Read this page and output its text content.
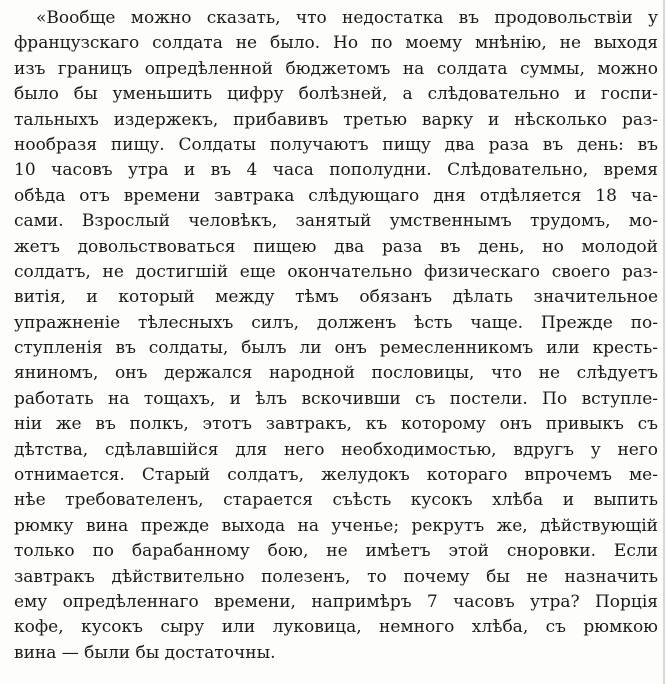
«Вообще можно сказать, что недостатка въ продовольствіи у
французскаго солдата не было. Но по моему мнѣнію, не выходя
изъ границъ опредѣленной бюджетомъ на солдата суммы, можно
было бы уменьшить цифру болѣзней, а слѣдовательно и госпи-
тальныхъ издержекъ, прибавивъ третью варку и нѣсколько раз-
нообразя пищу. Солдаты получаютъ пищу два раза въ день: въ
10 часовъ утра и въ 4 часа пополудни. Слѣдовательно, время
обѣда отъ времени завтрака слѣдующаго дня отдѣляется 18 ча-
сами. Взрослый человѣкъ, занятый умственнымъ трудомъ, мо-
жетъ довольствоваться пищею два раза въ день, но молодой
солдатъ, не достигшій еще окончательно физическаго своего раз-
витія, и который между тѣмъ обязанъ дѣлать значительное
упражненіе тѣлесныхъ силъ, долженъ ѣсть чаще. Прежде по-
ступленія въ солдаты, былъ ли онъ ремесленникомъ или кресть-
яниномъ, онъ держался народной пословицы, что не слѣдуетъ
работать на тощахъ, и ѣлъ вскочивши съ постели. По вступле-
ніи же въ полкъ, этотъ завтракъ, къ которому онъ привыкъ съ
дѣтства, сдѣлавшійся для него необходимостью, вдругъ у него
отнимается. Старый солдатъ, желудокъ котораго впрочемъ ме-
нѣе требователенъ, старается съѣсть кусокъ хлѣба и выпить
рюмку вина прежде выхода на ученье; рекрутъ же, дѣйствующій
только по барабанному бою, не имѣетъ этой сноровки. Если
завтракъ дѣйствительно полезенъ, то почему бы не назначить
ему опредѣленнаго времени, напримѣръ 7 часовъ утра? Порція
кофе, кусокъ сыру или луковица, немного хлѣба, съ рюмкою
вина — были бы достаточны.
